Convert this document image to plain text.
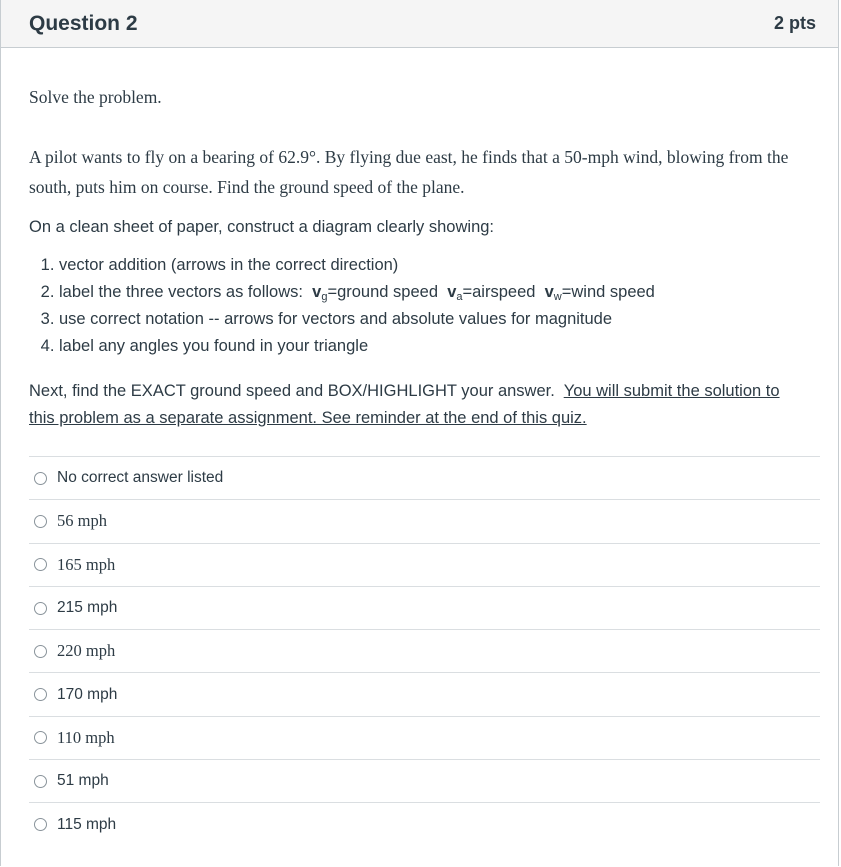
Question 2	2 pts

Solve the problem.

A pilot wants to fly on a bearing of 62.9°. By flying due east, he finds that a 50-mph wind, blowing from the south, puts him on course. Find the ground speed of the plane.

On a clean sheet of paper, construct a diagram clearly showing:

1. vector addition (arrows in the correct direction)
2. label the three vectors as follows: $v_g=ground$ speed $v_a=airspeed$ $v_w=wind$ speed
3. use correct notation -- arrows for vectors and absolute values for magnitude
4. label any angles you found in your triangle

Next, find the EXACT ground speed and BOX/HIGHLIGHT your answer. You will submit the solution to this problem as a separate assignment. See reminder at the end of this quiz.

No correct answer listed
56 mph
165 mph
215 mph
220 mph
170 mph
110 mph
51 mph
115 mph
